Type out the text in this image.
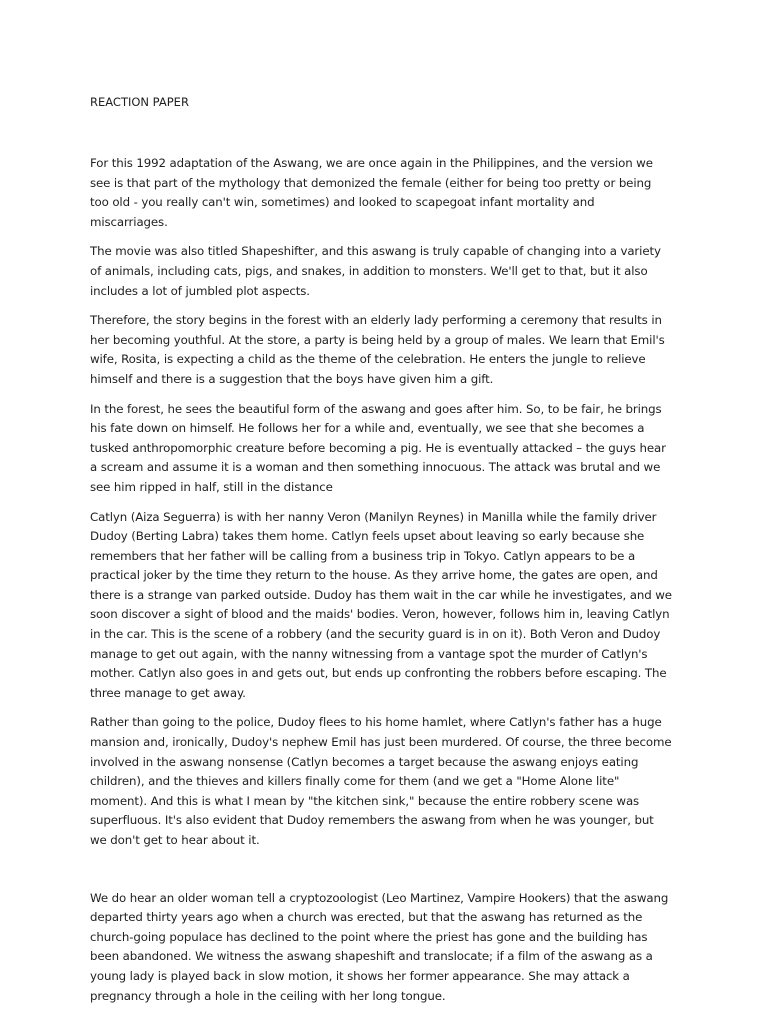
REACTION PAPER

For this 1992 adaptation of the Aswang, we are once again in the Philippines, and the version we see is that part of the mythology that demonized the female (either for being too pretty or being too old - you really can't win, sometimes) and looked to scapegoat infant mortality and miscarriages.

The movie was also titled Shapeshifter, and this aswang is truly capable of changing into a variety of animals, including cats, pigs, and snakes, in addition to monsters. We'll get to that, but it also includes a lot of jumbled plot aspects.

Therefore, the story begins in the forest with an elderly lady performing a ceremony that results in her becoming youthful. At the store, a party is being held by a group of males. We learn that Emil's wife, Rosita, is expecting a child as the theme of the celebration. He enters the jungle to relieve himself and there is a suggestion that the boys have given him a gift.

In the forest, he sees the beautiful form of the aswang and goes after him. So, to be fair, he brings his fate down on himself. He follows her for a while and, eventually, we see that she becomes a tusked anthropomorphic creature before becoming a pig. He is eventually attacked – the guys hear a scream and assume it is a woman and then something innocuous. The attack was brutal and we see him ripped in half, still in the distance

Catlyn (Aiza Seguerra) is with her nanny Veron (Manilyn Reynes) in Manilla while the family driver Dudoy (Berting Labra) takes them home. Catlyn feels upset about leaving so early because she remembers that her father will be calling from a business trip in Tokyo. Catlyn appears to be a practical joker by the time they return to the house. As they arrive home, the gates are open, and there is a strange van parked outside. Dudoy has them wait in the car while he investigates, and we soon discover a sight of blood and the maids' bodies. Veron, however, follows him in, leaving Catlyn in the car. This is the scene of a robbery (and the security guard is in on it). Both Veron and Dudoy manage to get out again, with the nanny witnessing from a vantage spot the murder of Catlyn's mother. Catlyn also goes in and gets out, but ends up confronting the robbers before escaping. The three manage to get away.

Rather than going to the police, Dudoy flees to his home hamlet, where Catlyn's father has a huge mansion and, ironically, Dudoy's nephew Emil has just been murdered. Of course, the three become involved in the aswang nonsense (Catlyn becomes a target because the aswang enjoys eating children), and the thieves and killers finally come for them (and we get a "Home Alone lite" moment). And this is what I mean by "the kitchen sink," because the entire robbery scene was superfluous. It's also evident that Dudoy remembers the aswang from when he was younger, but we don't get to hear about it.

We do hear an older woman tell a cryptozoologist (Leo Martinez, Vampire Hookers) that the aswang departed thirty years ago when a church was erected, but that the aswang has returned as the church-going populace has declined to the point where the priest has gone and the building has been abandoned. We witness the aswang shapeshift and translocate; if a film of the aswang as a young lady is played back in slow motion, it shows her former appearance. She may attack a pregnancy through a hole in the ceiling with her long tongue.
